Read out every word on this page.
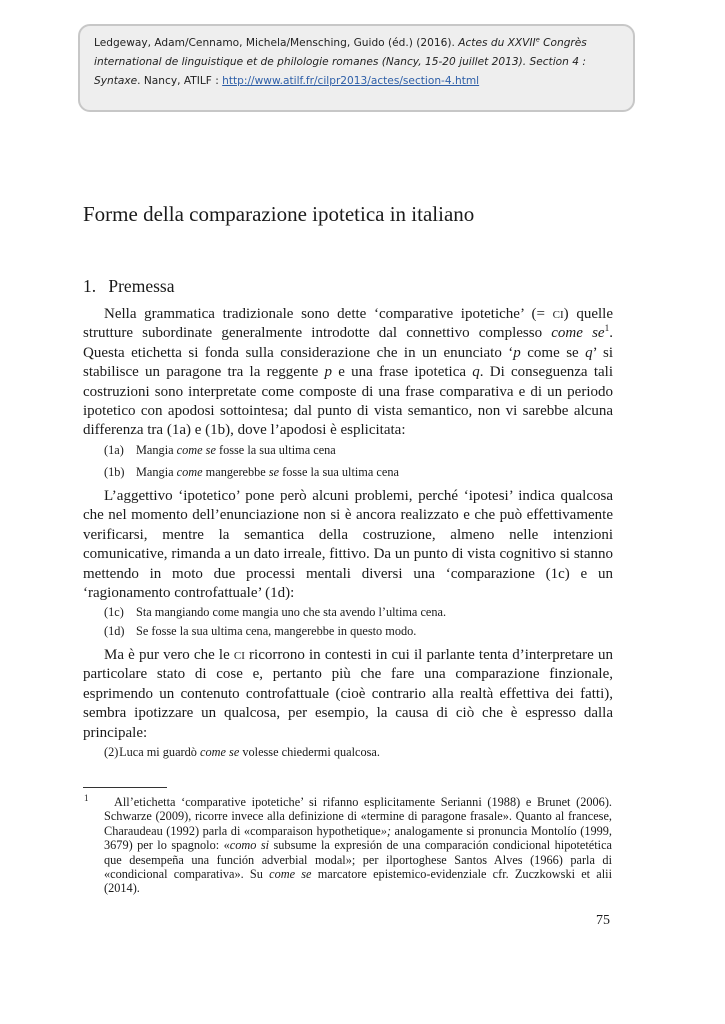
Ledgeway, Adam/Cennamo, Michela/Mensching, Guido (éd.) (2016). Actes du XXVIIe Congrès international de linguistique et de philologie romanes (Nancy, 15-20 juillet 2013). Section 4 : Syntaxe. Nancy, ATILF : http://www.atilf.fr/cilpr2013/actes/section-4.html
Forme della comparazione ipotetica in italiano
1. Premessa

Nella grammatica tradizionale sono dette ‘comparative ipotetiche’ (= ci) quelle strutture subordinate generalmente introdotte dal connettivo complesso come $se^1$. Questa etichetta si fonda sulla considerazione che in un enunciato ‘p come se q’ si stabilisce un paragone tra la reggente p e una frase ipotetica q. Di conseguenza tali costruzioni sono interpretate come composte di una frase comparativa e di un periodo ipotetico con apodosi sottointesa; dal punto di vista semantico, non vi sarebbe alcuna differenza tra (1a) e (1b), dove l’apodosi è esplicitata:

(1a) Mangia come se fosse la sua ultima cena

(1b) Mangia come mangerebbe se fosse la sua ultima cena

L’aggettivo ‘ipotetico’ pone però alcuni problemi, perché ‘ipotesi’ indica qualcosa che nel momento dell’enunciazione non si è ancora realizzato e che può effettivamente verificarsi, mentre la semantica della costruzione, almeno nelle intenzioni comunicative, rimanda a un dato irreale, fittivo. Da un punto di vista cognitivo si stanno mettendo in moto due processi mentali diversi una ‘comparazione (1c) e un ‘ragionamento controfattuale’ (1d):

(1c) Sta mangiando come mangia uno che sta avendo l’ultima cena.

(1d) Se fosse la sua ultima cena, mangerebbe in questo modo.

Ma è pur vero che le ci ricorrono in contesti in cui il parlante tenta d’interpretare un particolare stato di cose e, pertanto più che fare una comparazione finzionale, esprimendo un contenuto controfattuale (cioè contrario alla realtà effettiva dei fatti), sembra ipotizzare un qualcosa, per esempio, la causa di ciò che è espresso dalla principale:

(2) Luca mi guardò come se volesse chiedermi qualcosa.

1	All’etichetta ‘comparative ipotetiche’ si rifanno esplicitamente Serianni (1988) e Brunet (2006). Schwarze (2009), ricorre invece alla definizione di «termine di paragone frasale». Quanto al francese, Charaudeau (1992) parla di «comparaison hypothetique»; analogamente si pronuncia Montolío (1999, 3679) per lo spagnolo: «como si subsume la expresión de una comparación condicional hipotetética que desempeña una función adverbial modal»; per ilportoghese Santos Alves (1966) parla di «condicional comparativa». Su come se marcatore epistemico-evidenziale cfr. Zuczkowski et alii (2014).

75
